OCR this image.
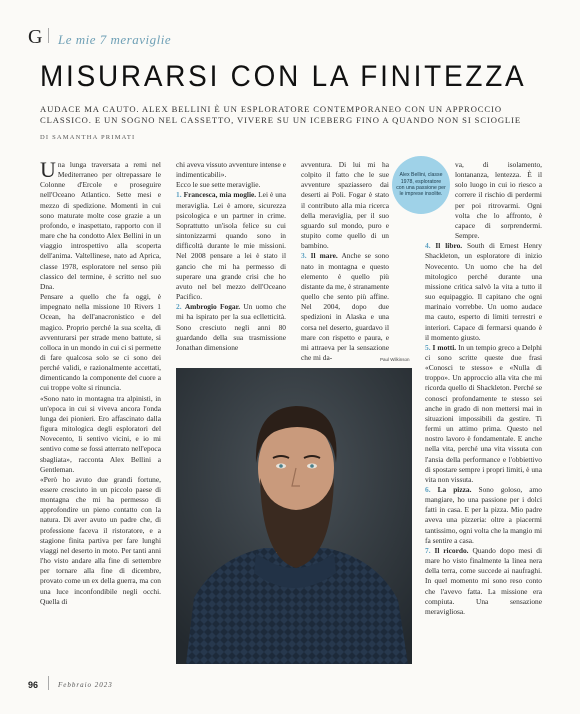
G Le mie 7 meraviglie
MISURARSI CON LA FINITEZZA
AUDACE MA CAUTO. ALEX BELLINI È UN ESPLORATORE CONTEMPORANEO CON UN APPROCCIO CLASSICO. E UN SOGNO NEL CASSETTO, VIVERE SU UN ICEBERG FINO A QUANDO NON SI SCIOGLIE
DI SAMANTHA PRIMATI

Una lunga traversata a remi nel Mediterraneo per oltrepassare le Colonne d'Ercole e proseguire nell'Oceano Atlantico. Sette mesi e mezzo di spedizione. Momenti in cui sono maturate molte cose grazie a un profondo, e inaspettato, rapporto con il mare che ha condotto Alex Bellini in un viaggio introspettivo alla scoperta dell'anima. Valtellinese, nato ad Aprica, classe 1978, esploratore nel senso più classico del termine, è scritto nel suo Dna.

Pensare a quello che fa oggi, è impegnato nella missione 10 Rivers 1 Ocean, ha dell'anacronistico e del magico. Proprio perché la sua scelta, di avventurarsi per strade meno battute, si colloca in un mondo in cui ci si permette di fare qualcosa solo se ci sono dei perché validi, e razionalmente accettati, dimenticando la componente del cuore a cui troppe volte si rinuncia.

«Sono nato in montagna tra alpinisti, in un'epoca in cui si viveva ancora l'onda lunga dei pionieri. Ero affascinato dalla figura mitologica degli esploratori del Novecento, li sentivo vicini, e io mi sentivo come se fossi atterrato nell'epoca sbagliata», racconta Alex Bellini a Gentleman.

«Però ho avuto due grandi fortune, essere cresciuto in un piccolo paese di montagna che mi ha permesso di approfondire un pieno contatto con la natura. Di aver avuto un padre che, di professione faceva il ristoratore, e a stagione finita partiva per fare lunghi viaggi nel deserto in moto. Per tanti anni l'ho visto andare alla fine di settembre per tornare alla fine di dicembre, provato come un ex della guerra, ma con una luce inconfondibile negli occhi. Quella di

chi aveva vissuto avventure intense e indimenticabili».

Ecco le sue sette meraviglie.

1. Francesca, mia moglie. Lei è una meraviglia. Lei è amore, sicurezza psicologica e un partner in crime. Soprattutto un'isola felice su cui sintonizzarmi quando sono in difficoltà durante le mie missioni. Nel 2008 pensare a lei è stato il gancio che mi ha permesso di superare una grande crisi che ho avuto nel bel mezzo dell'Oceano Pacifico.

2. Ambrogio Fogar. Un uomo che mi ha ispirato per la sua eclletticità. Sono cresciuto negli anni 80 guardando della sua trasmissione Jonathan dimensione

avventura. Di lui mi ha colpito il fatto che le sue avventure spaziassero dai deserti ai Poli. Fogar è stato il contributo alla mia ricerca della meraviglia, per il suo sguardo sul mondo, puro e stupito come quello di un bambino.

3. Il mare. Anche se sono nato in montagna e questo elemento è quello più distante da me, è stranamente quello che sento più affine. Nel 2004, dopo due spedizioni in Alaska e una corsa nel deserto, guardavo il mare con rispetto e paura, e mi attraeva per la sensazione che mi da-

Alex Bellini, classe 1978, esploratore con una passione per le imprese insolite.

va, di isolamento, lontananza, lentezza. È il solo luogo in cui io riesco a correre il rischio di perdermi per poi ritrovarmi. Ogni volta che lo affronto, è capace di sorprendermi. Sempre.

4. Il libro. South di Ernest Henry Shackleton, un esploratore di inizio Novecento. Un uomo che ha del mitologico perché durante una missione critica salvò la vita a tutto il suo equipaggio. Il capitano che ogni marinaio vorrebbe. Un uomo audace ma cauto, esperto di limiti terrestri e interiori. Capace di fermarsi quando è il momento giusto.

5. I motti. In un tempio greco a Delphi ci sono scritte queste due frasi «Conosci te stesso» e «Nulla di troppo». Un approccio alla vita che mi ricorda quello di Shackleton. Perché se conosci profondamente te stesso sei anche in grado di non mettersi mai in situazioni impossibili da gestire. Ti fermi un attimo prima. Questo nel nostro lavoro è fondamentale. E anche nella vita, perché una vita vissuta con l'ansia della performance e l'obbiettivo di spostare sempre i propri limiti, è una vita non vissuta.

6. La pizza. Sono goloso, amo mangiare, ho una passione per i dolci fatti in casa. E per la pizza. Mio padre aveva una pizzeria: oltre a piacermi tantissimo, ogni volta che la mangio mi fa sentire a casa.

7. Il ricordo. Quando dopo mesi di mare ho visto finalmente la linea nera della terra, come succede ai naufraghi. In quel momento mi sono reso conto che l'avevo fatta. La missione era compiuta. Una sensazione meravigliosa.

Paul Wilkinson
96	Febbraio 2023
